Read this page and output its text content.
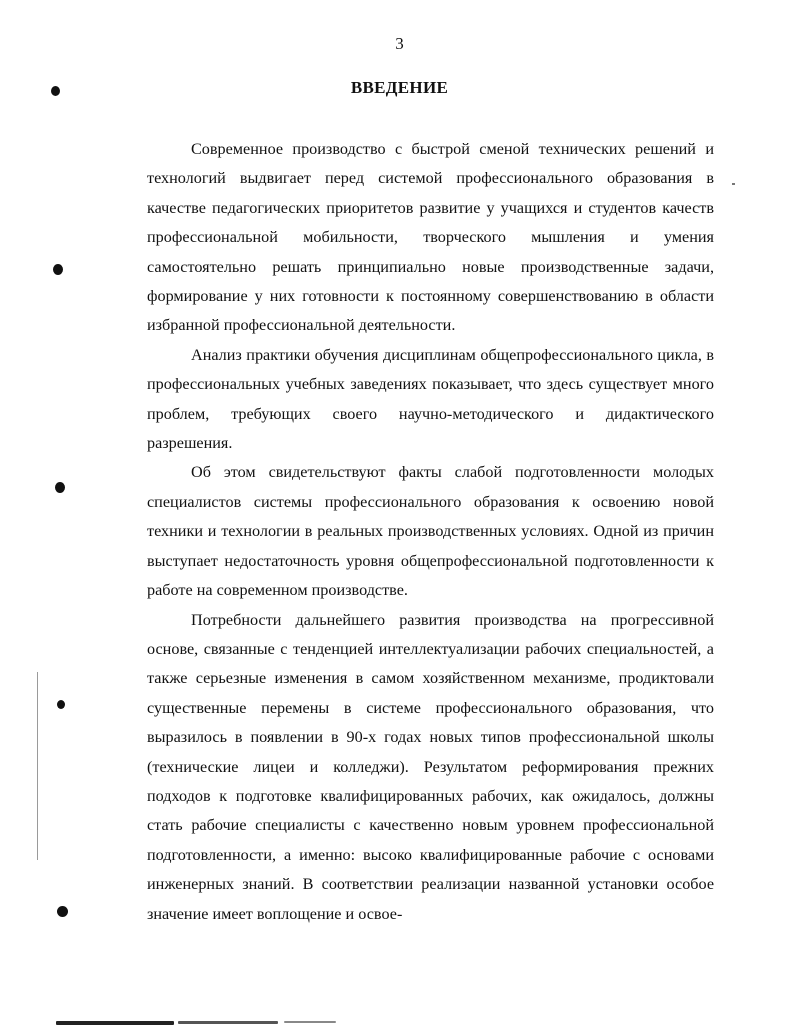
3
ВВЕДЕНИЕ

Современное производство с быстрой сменой технических решений и технологий выдвигает перед системой профессионального образования в качестве педагогических приоритетов развитие у учащихся и студентов качеств профессиональной мобильности, творческого мышления и умения самостоятельно решать принципиально новые производственные задачи, формирование у них готовности к постоянному совершенствованию в области избранной профессиональной деятельности.

Анализ практики обучения дисциплинам общепрофессионального цикла, в профессиональных учебных заведениях показывает, что здесь существует много проблем, требующих своего научно-методического и дидактического разрешения.

Об этом свидетельствуют факты слабой подготовленности молодых специалистов системы профессионального образования к освоению новой техники и технологии в реальных производственных условиях. Одной из причин выступает недостаточность уровня общепрофессиональной подготовленности к работе на современном производстве.

Потребности дальнейшего развития производства на прогрессивной основе, связанные с тенденцией интеллектуализации рабочих специальностей, а также серьезные изменения в самом хозяйственном механизме, продиктовали существенные перемены в системе профессионального образования, что выразилось в появлении в 90-х годах новых типов профессиональной школы (технические лицеи и колледжи). Результатом реформирования прежних подходов к подготовке квалифицированных рабочих, как ожидалось, должны стать рабочие специалисты с качественно новым уровнем профессиональной подготовленности, а именно: высоко квалифицированные рабочие с основами инженерных знаний. В соответствии реализации названной установки особое значение имеет воплощение и освое-
